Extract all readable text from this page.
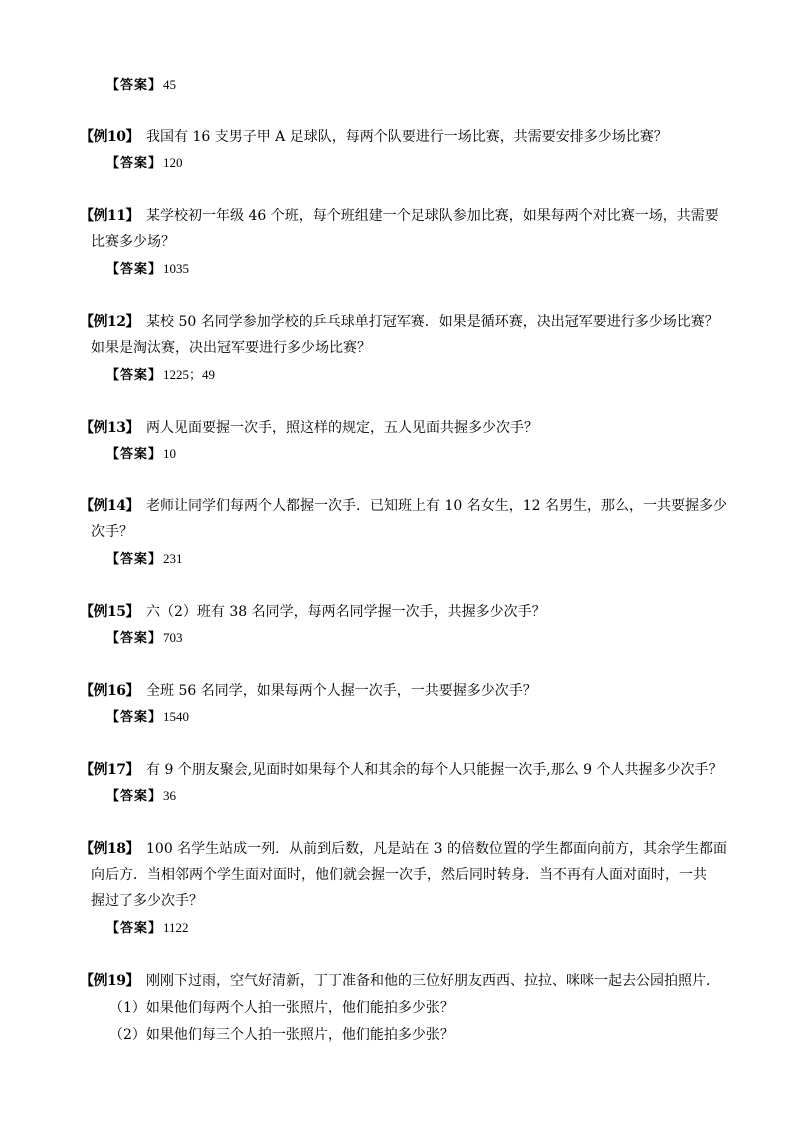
【答案】45
【例10】 我国有 16 支男子甲 A 足球队，每两个队要进行一场比赛，共需要安排多少场比赛？
【答案】120
【例11】 某学校初一年级 46 个班，每个班组建一个足球队参加比赛，如果每两个对比赛一场，共需要
比赛多少场？
【答案】1035
【例12】 某校 50 名同学参加学校的乒乓球单打冠军赛．如果是循环赛，决出冠军要进行多少场比赛？
如果是淘汰赛，决出冠军要进行多少场比赛？
【答案】1225；49
【例13】 两人见面要握一次手，照这样的规定，五人见面共握多少次手？
【答案】10
【例14】 老师让同学们每两个人都握一次手．已知班上有 10 名女生，12 名男生，那么，一共要握多少
次手？
【答案】231
【例15】 六（2）班有 38 名同学，每两名同学握一次手，共握多少次手？
【答案】703
【例16】 全班 56 名同学，如果每两个人握一次手，一共要握多少次手？
【答案】1540
【例17】 有 9 个朋友聚会,见面时如果每个人和其余的每个人只能握一次手,那么 9 个人共握多少次手？
【答案】36
【例18】 100 名学生站成一列．从前到后数，凡是站在 3 的倍数位置的学生都面向前方，其余学生都面
向后方．当相邻两个学生面对面时，他们就会握一次手，然后同时转身．当不再有人面对面时，一共
握过了多少次手？
【答案】1122
【例19】 刚刚下过雨，空气好清新，丁丁准备和他的三位好朋友西西、拉拉、咪咪一起去公园拍照片．
（1）如果他们每两个人拍一张照片，他们能拍多少张？
（2）如果他们每三个人拍一张照片，他们能拍多少张？
